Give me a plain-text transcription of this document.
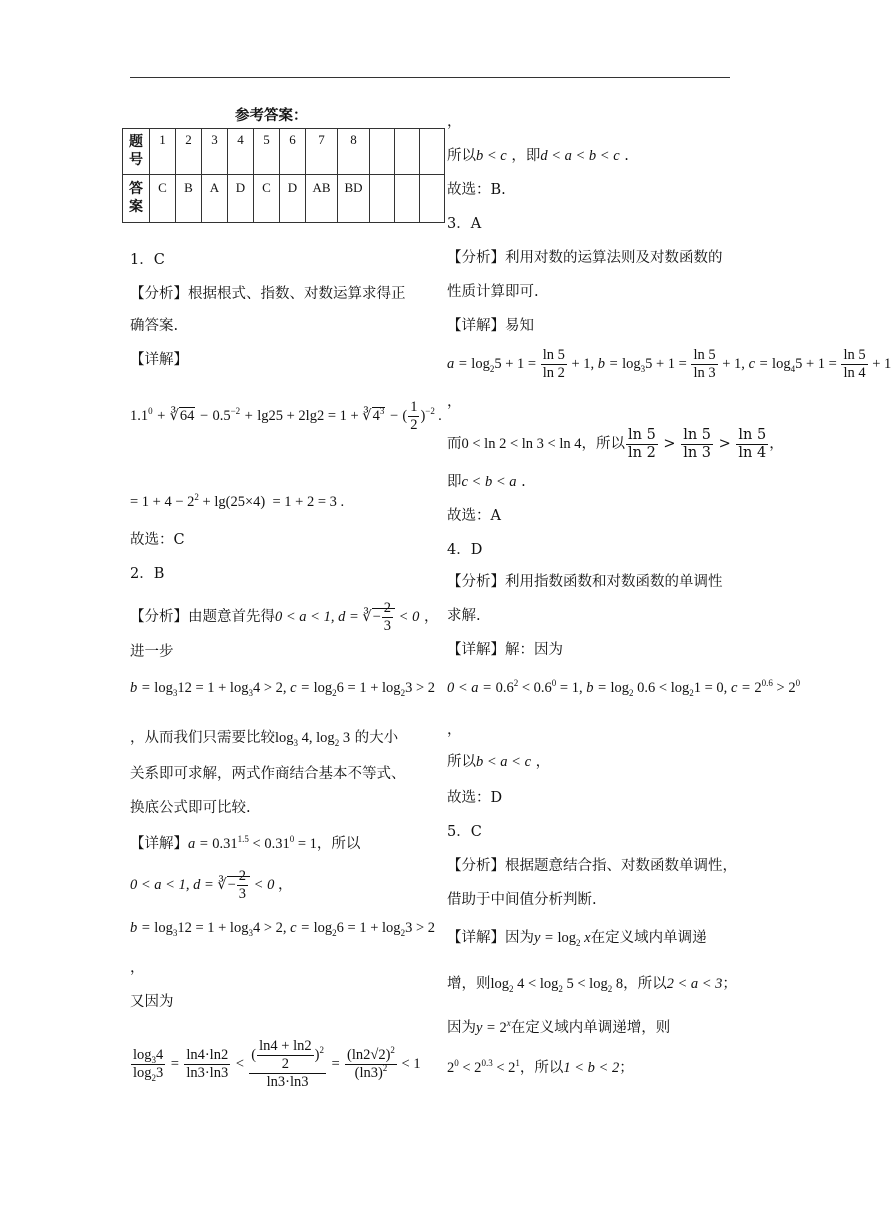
参考答案：
题号	1	2	3	4	5	6	7	8			
答案	C	B	A	D	C	D	AB	BD			
1．C
【分析】根据根式、指数、对数运算求得正
确答案.
【详解】
$1.1^0$ + ∛64 − $0.5^{-2} + \lg 25 + 2\lg 2 = 1$ + $∛4^3$ − ( $\frac{1}{2} )^{-2}$ .
= $1 + 4 - 2^2 + \lg(25\times 4) = 1 + 2 = 3$ .
故选：C
2．B
【分析】由题意首先得0 < a < 1, d = ∛− $\frac{2}{3} < 0$ ，
进一步
$b = \log_312 = 1 + \log_34 > 2$, $c = \log_26 = 1 + \log_23 > 2$
，从而我们只需要比较$\log_3 4$, $\log_2 3$ 的大小
关系即可求解，两式作商结合基本不等式、
换底公式即可比较.
【详解】$a = 0.31^{1.5} < 0.31^0 = 1$，所以
0 < a < 1, d = ∛− $\frac{2}{3} < 0$ ，
$b = \log_312 = 1 + \log_34 > 2$, $c = \log_26 = 1 + \log_23 > 2$
，
又因为
$\frac{\log_34}{\log_23} = \frac{\ln 4\cdot\ln 2}{\ln 3\cdot\ln 3} < \frac{( \frac{\ln 4 + \ln 2}{2} )^2}{\ln 3\cdot\ln 3} = \frac{(\ln 2√2)^2}{(\ln 3)^2} < 1$
，
所以b < c ，即d < a < b < c .
故选：B.
3．A
【分析】利用对数的运算法则及对数函数的
性质计算即可.
【详解】易知
$a = \log_25 + 1 = \frac{\ln 5}{\ln 2} + 1$, $b = \log_35 + 1 = \frac{\ln 5}{\ln 3} + 1$, $c = \log_45 + 1 = \frac{\ln 5}{\ln 4} + 1$
，
而0 < ln 2 < ln 3 < ln 4，所以 $\frac{\ln 5}{\ln 2} > \frac{\ln 5}{\ln 3} > \frac{\ln 5}{\ln 4}$ ，
即c < b < a .
故选：A
4．D
【分析】利用指数函数和对数函数的单调性
求解.
【详解】解：因为
$0 < a = 0.6^2 < 0.6^0 = 1$, $b = \log_2 0.6 < \log_21 = 0$, $c = 2^{0.6} > 2^0$
，
所以b < a < c ，
故选：D
5．C
【分析】根据题意结合指、对数函数单调性，
借助于中间值分析判断.
【详解】因为$y = \log_2 x$在定义域内单调递
增，则$\log_2 4 < \log_2 5 < \log_2 8$，所以2 < a < 3；
因为$y = 2^x$在定义域内单调递增，则
$2^0 < 2^{0.3} < 2^1$，所以1 < b < 2；
